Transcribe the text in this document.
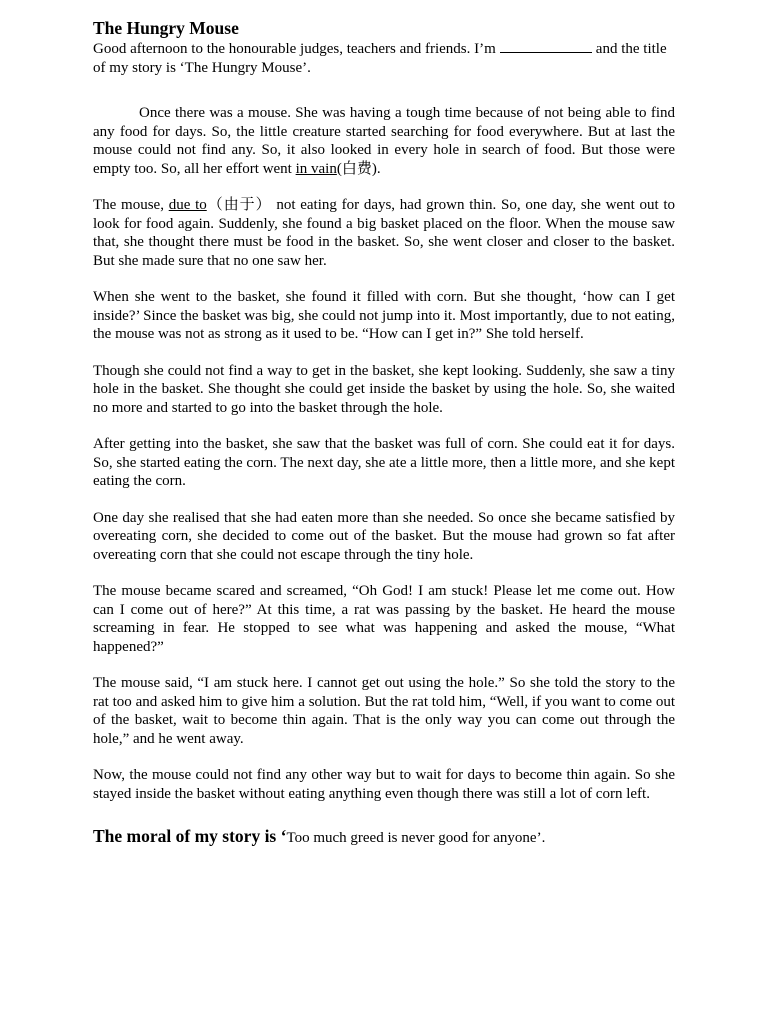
The Hungry Mouse

Good afternoon to the honourable judges, teachers and friends. I’m	and the title of my story is ‘The Hungry Mouse’.

Once there was a mouse. She was having a tough time because of not being able to find any food for days. So, the little creature started searching for food everywhere. But at last the mouse could not find any. So, it also looked in every hole in search of food. But those were empty too. So, all her effort went in vain(白费).

The mouse, due to（由于） not eating for days, had grown thin. So, one day, she went out to look for food again. Suddenly, she found a big basket placed on the floor. When the mouse saw that, she thought there must be food in the basket. So, she went closer and closer to the basket. But she made sure that no one saw her.

When she went to the basket, she found it filled with corn. But she thought, ‘how can I get inside?’ Since the basket was big, she could not jump into it. Most importantly, due to not eating, the mouse was not as strong as it used to be. “How can I get in?” She told herself.

Though she could not find a way to get in the basket, she kept looking. Suddenly, she saw a tiny hole in the basket. She thought she could get inside the basket by using the hole. So, she waited no more and started to go into the basket through the hole.

After getting into the basket, she saw that the basket was full of corn. She could eat it for days. So, she started eating the corn. The next day, she ate a little more, then a little more, and she kept eating the corn.

One day she realised that she had eaten more than she needed. So once she became satisfied by overeating corn, she decided to come out of the basket. But the mouse had grown so fat after overeating corn that she could not escape through the tiny hole.

The mouse became scared and screamed, “Oh God! I am stuck! Please let me come out. How can I come out of here?” At this time, a rat was passing by the basket. He heard the mouse screaming in fear. He stopped to see what was happening and asked the mouse, “What happened?”

The mouse said, “I am stuck here. I cannot get out using the hole.” So she told the story to the rat too and asked him to give him a solution. But the rat told him, “Well, if you want to come out of the basket, wait to become thin again. That is the only way you can come out through the hole,” and he went away.

Now, the mouse could not find any other way but to wait for days to become thin again. So she stayed inside the basket without eating anything even though there was still a lot of corn left.

The moral of my story is ‘Too much greed is never good for anyone’.
